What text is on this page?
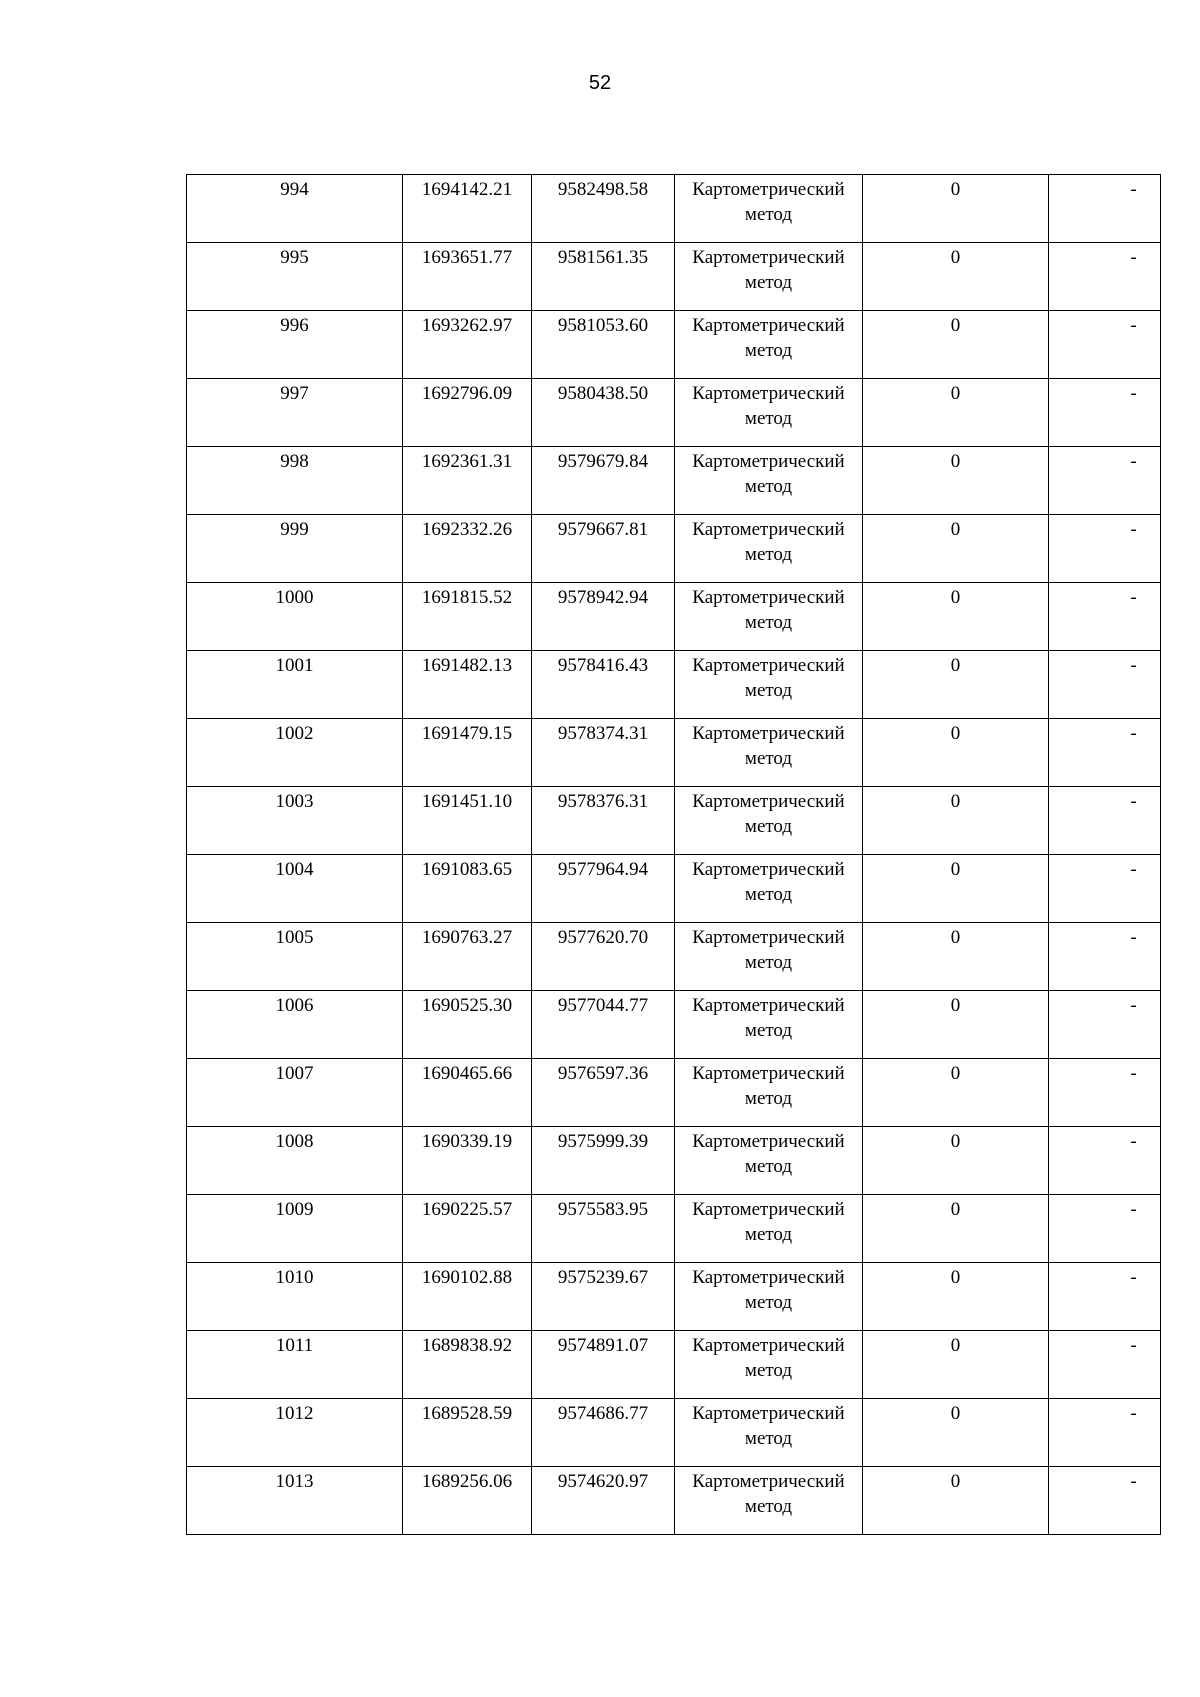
52
994	1694142.21	9582498.58	Картометрический
метод	0	-

995	1693651.77	9581561.35	Картометрический
метод	0	-

996	1693262.97	9581053.60	Картометрический
метод	0	-

997	1692796.09	9580438.50	Картометрический
метод	0	-

998	1692361.31	9579679.84	Картометрический
метод	0	-

999	1692332.26	9579667.81	Картометрический
метод	0	-

1000	1691815.52	9578942.94	Картометрический
метод	0	-

1001	1691482.13	9578416.43	Картометрический
метод	0	-

1002	1691479.15	9578374.31	Картометрический
метод	0	-

1003	1691451.10	9578376.31	Картометрический
метод	0	-

1004	1691083.65	9577964.94	Картометрический
метод	0	-

1005	1690763.27	9577620.70	Картометрический
метод	0	-

1006	1690525.30	9577044.77	Картометрический
метод	0	-

1007	1690465.66	9576597.36	Картометрический
метод	0	-

1008	1690339.19	9575999.39	Картометрический
метод	0	-

1009	1690225.57	9575583.95	Картометрический
метод	0	-

1010	1690102.88	9575239.67	Картометрический
метод	0	-

1011	1689838.92	9574891.07	Картометрический
метод	0	-

1012	1689528.59	9574686.77	Картометрический
метод	0	-

1013	1689256.06	9574620.97	Картометрический
метод	0	-
